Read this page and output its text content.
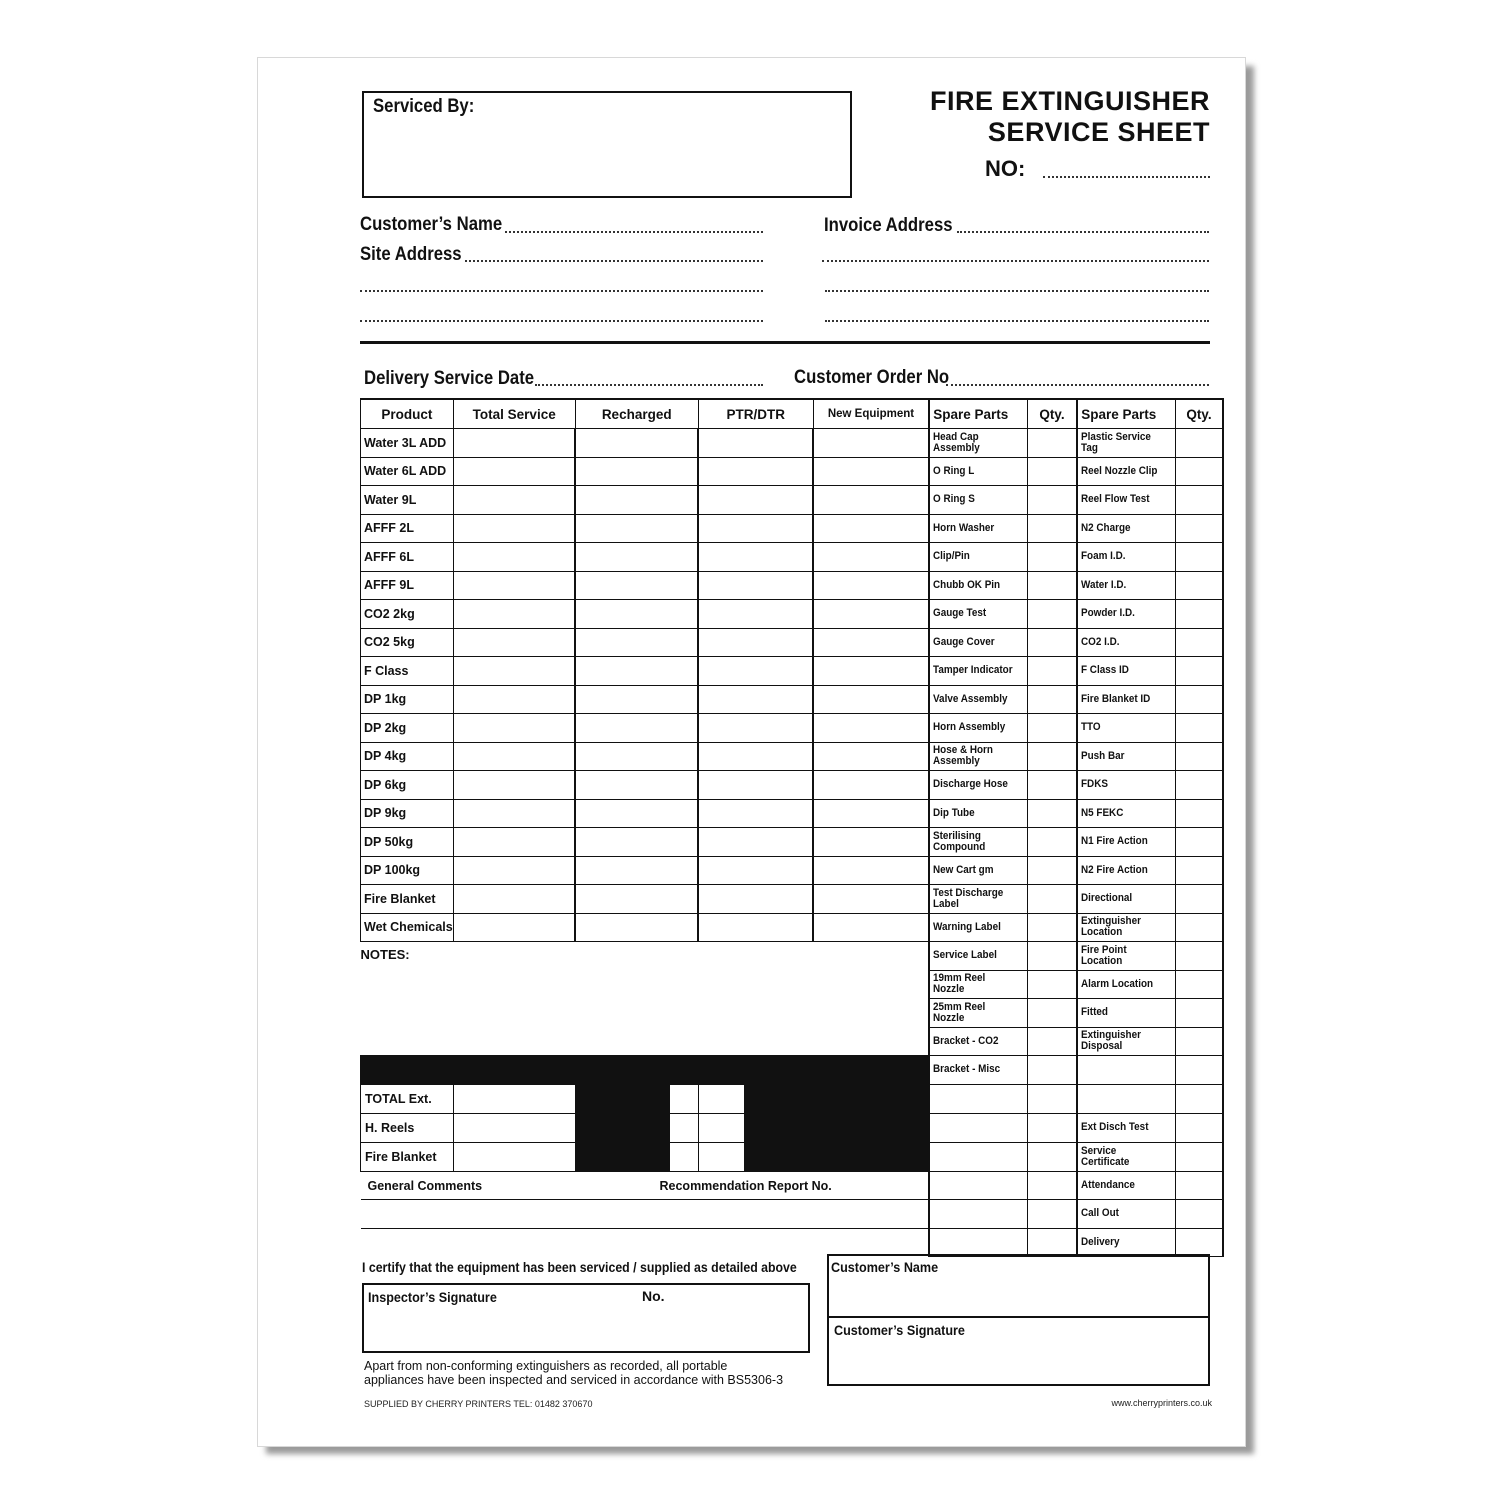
Serviced By:	FIRE EXTINGUISHER
SERVICE SHEET
NO:
Customer’s Name
Site Address
Invoice Address
Delivery Service Date	Customer Order No
Product	Total Service	Recharged	PTR/DTR	New Equipment	Spare Parts	Qty.	Spare Parts	Qty.
Water 3L ADD					Head Cap Assembly		Plastic Service Tag	

Water 6L ADD					O Ring L		Reel Nozzle Clip	

Water 9L					O Ring S		Reel Flow Test	

AFFF 2L					Horn Washer		N2 Charge	

AFFF 6L					Clip/Pin		Foam I.D.	

AFFF 9L					Chubb OK Pin		Water I.D.	

CO2 2kg					Gauge Test		Powder I.D.	

CO2 5kg					Gauge Cover		CO2 I.D.	

F Class					Tamper Indicator		F Class ID	

DP 1kg					Valve Assembly		Fire Blanket ID	

DP 2kg					Horn Assembly		TTO	

DP 4kg					Hose & Horn Assembly		Push Bar	

DP 6kg					Discharge Hose		FDKS	

DP 9kg					Dip Tube		N5 FEKC	

DP 50kg					Sterilising Compound		N1 Fire Action	

DP 100kg					New Cart gm		N2 Fire Action	

Fire Blanket					Test Discharge Label		Directional	

Wet Chemicals					Warning Label		Extinguisher Location	

NOTES:					Service Label		Fire Point Location	

					19mm Reel Nozzle		Alarm Location	

					25mm Reel Nozzle		Fitted	

					Bracket - CO2		Extinguisher Disposal	

					Bracket - Misc			

TOTAL Ext.		

H. Reels							Ext Disch Test	

Fire Blanket							Service Certificate	

General Comments Recommendation Report No.							Attendance	

							Call Out	

							Delivery	

I certify that the equipment has been serviced / supplied as detailed above
Inspector’s Signature	No.
Customer’s Name
Customer’s Signature
Apart from non-conforming extinguishers as recorded, all portable
appliances have been inspected and serviced in accordance with BS5306-3
SUPPLIED BY CHERRY PRINTERS TEL: 01482 370670	www.cherryprinters.co.uk
